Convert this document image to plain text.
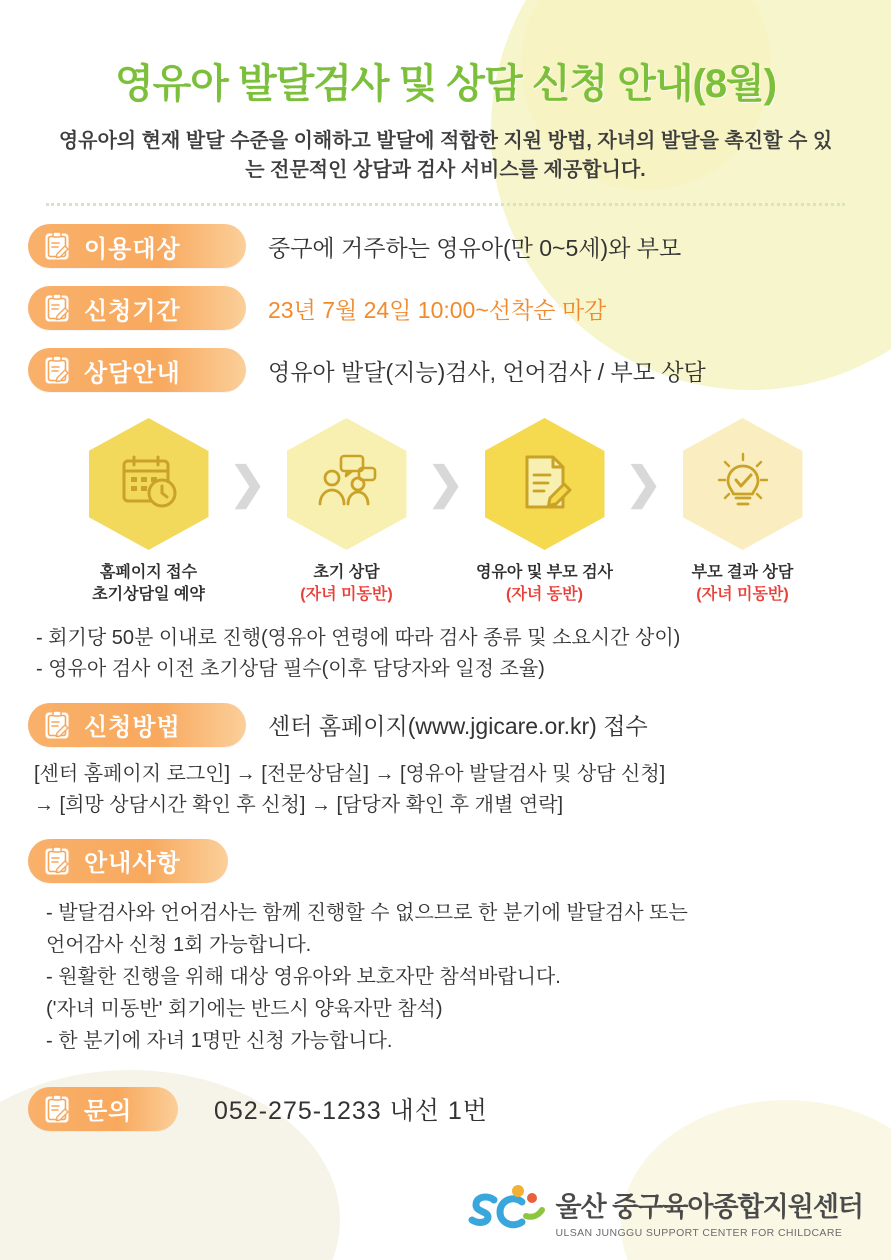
영유아 발달검사 및 상담 신청 안내(8월)
영유아의 현재 발달 수준을 이해하고 발달에 적합한 지원 방법, 자녀의 발달을 촉진할 수 있는 전문적인 상담과 검사 서비스를 제공합니다.
이용대상	중구에 거주하는 영유아(만 0~5세)와 부모
신청기간	23년 7월 24일 10:00~선착순 마감
상담안내	영유아 발달(지능)검사, 언어검사 / 부모 상담
홈페이지 접수
초기상담일 예약
❯
초기 상담
(자녀 미동반)
❯
영유아 및 부모 검사
(자녀 동반)
❯
부모 결과 상담
(자녀 미동반)
- 회기당 50분 이내로 진행(영유아 연령에 따라 검사 종류 및 소요시간 상이)
- 영유아 검사 이전 초기상담 필수(이후 담당자와 일정 조율)
신청방법	센터 홈페이지(www.jgicare.or.kr) 접수
[센터 홈페이지 로그인] → [전문상담실] → [영유아 발달검사 및 상담 신청]
→ [희망 상담시간 확인 후 신청] → [담당자 확인 후 개별 연락]
안내사항
- 발달검사와 언어검사는 함께 진행할 수 없으므로 한 분기에 발달검사 또는
언어감사 신청 1회 가능합니다.
- 원활한 진행을 위해 대상 영유아와 보호자만 참석바랍니다.
('자녀 미동반' 회기에는 반드시 양육자만 참석)
- 한 분기에 자녀 1명만 신청 가능합니다.
문의	052-275-1233 내선 1번
울산 중구육아종합지원센터
ULSAN JUNGGU SUPPORT CENTER FOR CHILDCARE
